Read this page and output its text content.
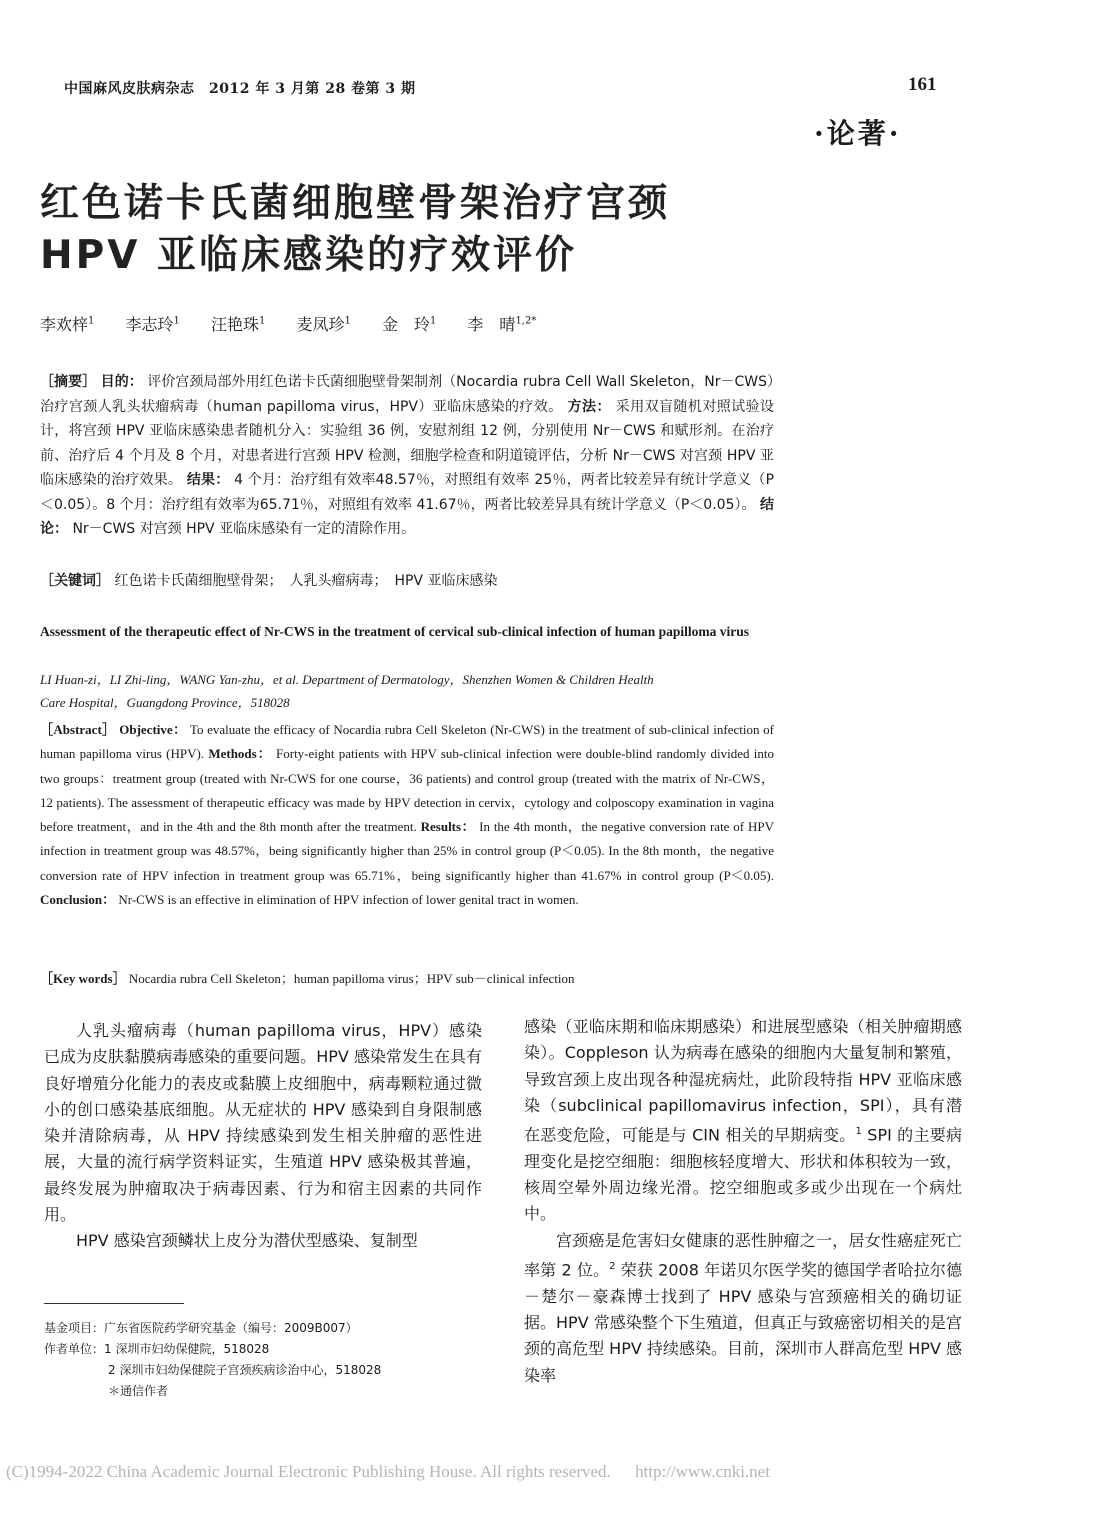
中国麻风皮肤病杂志　2012 年 3 月第 28 卷第 3 期	161
·论著·
红色诺卡氏菌细胞壁骨架治疗宫颈
HPV 亚临床感染的疗效评价
李欢梓$^1$ 李志玲$^1$ 汪艳珠$^1$ 麦凤珍$^1$ 金　玲$^1$ 李　晴$^{1,2*}$
［摘要］ 目的： 评价宫颈局部外用红色诺卡氏菌细胞壁骨架制剂（Nocardia rubra Cell Wall Skeleton，Nr－CWS）治疗宫颈人乳头状瘤病毒（human papilloma virus，HPV）亚临床感染的疗效。 方法： 采用双盲随机对照试验设计，将宫颈 HPV 亚临床感染患者随机分入：实验组 36 例，安慰剂组 12 例，分别使用 Nr－CWS 和赋形剂。在治疗前、治疗后 4 个月及 8 个月，对患者进行宫颈 HPV 检测，细胞学检查和阴道镜评估，分析 Nr－CWS 对宫颈 HPV 亚临床感染的治疗效果。 结果： 4 个月：治疗组有效率48.57％，对照组有效率 25％，两者比较差异有统计学意义（P＜0.05）。8 个月：治疗组有效率为65.71％，对照组有效率 41.67％，两者比较差异具有统计学意义（P＜0.05）。 结论： Nr－CWS 对宫颈 HPV 亚临床感染有一定的清除作用。
［关键词］ 红色诺卡氏菌细胞壁骨架；　人乳头瘤病毒；　HPV 亚临床感染
Assessment of the therapeutic effect of Nr-CWS in the treatment of cervical sub-clinical infection of human papilloma virus
LI Huan-zi，LI Zhi-ling，WANG Yan-zhu，et al. Department of Dermatology，Shenzhen Women & Children Health
Care Hospital，Guangdong Province，518028
［Abstract］ Objective： To evaluate the efficacy of Nocardia rubra Cell Skeleton (Nr-CWS) in the treatment of sub-clinical infection of human papilloma virus (HPV). Methods： Forty-eight patients with HPV sub-clinical infection were double-blind randomly divided into two groups：treatment group (treated with Nr-CWS for one course，36 patients) and control group (treated with the matrix of Nr-CWS，12 patients). The assessment of therapeutic efficacy was made by HPV detection in cervix，cytology and colposcopy examination in vagina before treatment，and in the 4th and the 8th month after the treatment. Results： In the 4th month，the negative conversion rate of HPV infection in treatment group was 48.57%，being significantly higher than 25% in control group (P＜0.05). In the 8th month，the negative conversion rate of HPV infection in treatment group was 65.71%，being significantly higher than 41.67% in control group (P＜0.05). Conclusion： Nr-CWS is an effective in elimination of HPV infection of lower genital tract in women.
［Key words］ Nocardia rubra Cell Skeleton；human papilloma virus；HPV sub－clinical infection

人乳头瘤病毒（human papilloma virus，HPV）感染已成为皮肤黏膜病毒感染的重要问题。HPV 感染常发生在具有良好增殖分化能力的表皮或黏膜上皮细胞中，病毒颗粒通过微小的创口感染基底细胞。从无症状的 HPV 感染到自身限制感染并清除病毒，从 HPV 持续感染到发生相关肿瘤的恶性进展，大量的流行病学资料证实，生殖道 HPV 感染极其普遍，最终发展为肿瘤取决于病毒因素、行为和宿主因素的共同作用。

HPV 感染宫颈鳞状上皮分为潜伏型感染、复制型

感染（亚临床期和临床期感染）和进展型感染（相关肿瘤期感染）。Coppleson 认为病毒在感染的细胞内大量复制和繁殖，导致宫颈上皮出现各种湿疣病灶，此阶段特指 HPV 亚临床感染（subclinical papillomavirus infection，SPI），具有潜在恶变危险，可能是与 CIN 相关的早期病变。$^1$ SPI 的主要病理变化是挖空细胞：细胞核轻度增大、形状和体积较为一致，核周空晕外周边缘光滑。挖空细胞或多或少出现在一个病灶中。

宫颈癌是危害妇女健康的恶性肿瘤之一，居女性癌症死亡率第 2 位。$^2$ 荣获 2008 年诺贝尔医学奖的德国学者哈拉尔德－楚尔－豪森博士找到了 HPV 感染与宫颈癌相关的确切证据。HPV 常感染整个下生殖道，但真正与致癌密切相关的是宫颈的高危型 HPV 持续感染。目前，深圳市人群高危型 HPV 感染率

基金项目：广东省医院药学研究基金（编号：2009B007）
作者单位：1 深圳市妇幼保健院，518028
2 深圳市妇幼保健院子宫颈疾病诊治中心，518028
＊通信作者
(C)1994-2022 China Academic Journal Electronic Publishing House. All rights reserved. http://www.cnki.net
